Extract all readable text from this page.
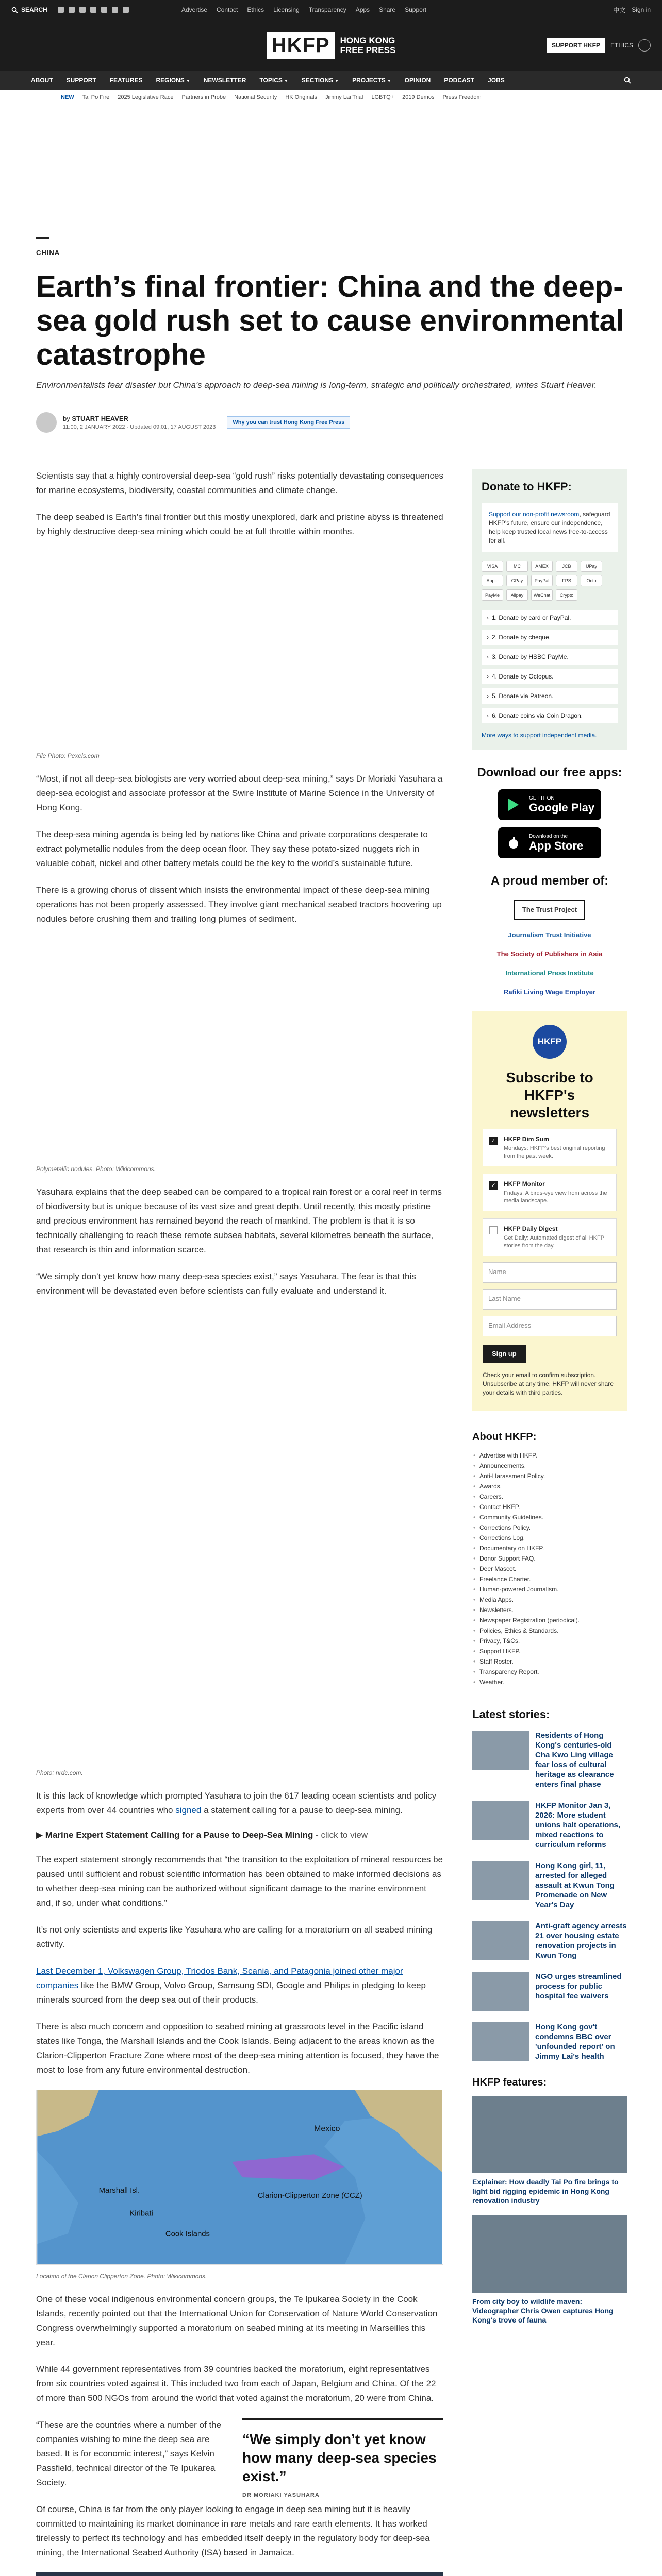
SEARCH	Advertise Contact Ethics Licensing Transparency Apps Share Support	中文 Sign in
HKFP	HONG KONG
FREE PRESS	SUPPORT HKFP	ETHICS
ABOUT SUPPORT FEATURES REGIONS ▼ NEWSLETTER TOPICS ▼ SECTIONS ▼ PROJECTS ▼ OPINION PODCAST JOBS
NEW Tai Po Fire 2025 Legislative Race Partners in Probe National Security HK Originals Jimmy Lai Trial LGBTQ+ 2019 Demos Press Freedom
CHINA
Earth’s final frontier: China and the deep-sea gold rush set to cause environmental catastrophe
Environmentalists fear disaster but China's approach to deep-sea mining is long-term, strategic and politically orchestrated, writes Stuart Heaver.
by STUART HEAVER
11:00, 2 JANUARY 2022 · Updated 09:01, 17 AUGUST 2023
Why you can trust Hong Kong Free Press

Scientists say that a highly controversial deep-sea “gold rush” risks potentially devastating consequences for marine ecosystems, biodiversity, coastal communities and climate change.

The deep seabed is Earth’s final frontier but this mostly unexplored, dark and pristine abyss is threatened by highly destructive deep-sea mining which could be at full throttle within months.

File Photo: Pexels.com

“Most, if not all deep-sea biologists are very worried about deep-sea mining,” says Dr Moriaki Yasuhara a deep-sea ecologist and associate professor at the Swire Institute of Marine Science in the University of Hong Kong.

The deep-sea mining agenda is being led by nations like China and private corporations desperate to extract polymetallic nodules from the deep ocean floor. They say these potato-sized nuggets rich in valuable cobalt, nickel and other battery metals could be the key to the world’s sustainable future.

There is a growing chorus of dissent which insists the environmental impact of these deep-sea mining operations has not been properly assessed. They involve giant mechanical seabed tractors hoovering up nodules before crushing them and trailing long plumes of sediment.

Polymetallic nodules. Photo: Wikicommons.

Yasuhara explains that the deep seabed can be compared to a tropical rain forest or a coral reef in terms of biodiversity but is unique because of its vast size and great depth. Until recently, this mostly pristine and precious environment has remained beyond the reach of mankind. The problem is that it is so technically challenging to reach these remote subsea habitats, several kilometres beneath the surface, that research is thin and information scarce.

“We simply don’t yet know how many deep-sea species exist,” says Yasuhara. The fear is that this environment will be devastated even before scientists can fully evaluate and understand it.

Photo: nrdc.com.

It is this lack of knowledge which prompted Yasuhara to join the 617 leading ocean scientists and policy experts from over 44 countries who signed a statement calling for a pause to deep-sea mining.

▶ Marine Expert Statement Calling for a Pause to Deep-Sea Mining - click to view

The expert statement strongly recommends that “the transition to the exploitation of mineral resources be paused until sufficient and robust scientific information has been obtained to make informed decisions as to whether deep-sea mining can be authorized without significant damage to the marine environment and, if so, under what conditions.”

It’s not only scientists and experts like Yasuhara who are calling for a moratorium on all seabed mining activity.

Last December 1, Volkswagen Group, Triodos Bank, Scania, and Patagonia joined other major companies like the BMW Group, Volvo Group, Samsung SDI, Google and Philips in pledging to keep minerals sourced from the deep sea out of their products.

There is also much concern and opposition to seabed mining at grassroots level in the Pacific island states like Tonga, the Marshall Islands and the Cook Islands. Being adjacent to the areas known as the Clarion-Clipperton Fracture Zone where most of the deep-sea mining attention is focused, they have the most to lose from any future environmental destruction.

Mexico
Marshall Isl.
Kiribati
Cook Islands
Clarion-Clipperton Zone (CCZ)
Location of the Clarion Clipperton Zone. Photo: Wikicommons.

One of these vocal indigenous environmental concern groups, the Te Ipukarea Society in the Cook Islands, recently pointed out that the International Union for Conservation of Nature World Conservation Congress overwhelmingly supported a moratorium on seabed mining at its meeting in Marseilles this year.

While 44 government representatives from 39 countries backed the moratorium, eight representatives from six countries voted against it. This included two from each of Japan, Belgium and China. Of the 22 of more than 500 NGOs from around the world that voted against the moratorium, 20 were from China.

“These are the countries where a number of the companies wishing to mine the deep sea are based. It is for economic interest,” says Kelvin Passfield, technical director of the Te Ipukarea Society.

“We simply don’t yet know how many deep-sea species exist.”
DR MORIAKI YASUHARA

Of course, China is far from the only player looking to engage in deep sea mining but it is heavily committed to maintaining its market dominance in rare metals and rare earth elements. It has worked tirelessly to perfect its technology and has embedded itself deeply in the regulatory body for deep-sea mining, the International Seabed Authority (ISA) based in Jamaica.

Donate to HKFP:
Support our non-profit newsroom, safeguard HKFP's future, ensure our independence, help keep trusted local news free-to-access for all.
VISA	MC	AMEX	JCB	UPay
Apple	GPay	PayPal	FPS	Octo
PayMe	Alipay	WeChat	Crypto
› 1. Donate by card or PayPal.
› 2. Donate by cheque.
› 3. Donate by HSBC PayMe.
› 4. Donate by Octopus.
› 5. Donate via Patreon.
› 6. Donate coins via Coin Dragon.
More ways to support independent media.
Download our free apps:
GET IT ON
Google Play
Download on the
App Store
A proud member of:
The Trust Project
Journalism Trust Initiative
The Society of Publishers in Asia
International Press Institute
Rafiki Living Wage Employer
HKFP
Subscribe to HKFP's newsletters
✓ HKFP Dim Sum
Mondays: HKFP's best original reporting from the past week.
✓ HKFP Monitor
Fridays: A birds-eye view from across the media landscape.
HKFP Daily Digest
Get Daily: Automated digest of all HKFP stories from the day.
Name
Last Name
Email Address
Sign up
Check your email to confirm subscription. Unsubscribe at any time. HKFP will never share your details with third parties.
About HKFP:
• Advertise with HKFP.
• Announcements.
• Anti-Harassment Policy.
• Awards.
• Careers.
• Contact HKFP.
• Community Guidelines.
• Corrections Policy.
• Corrections Log.
• Documentary on HKFP.
• Donor Support FAQ.
• Deer Mascot.
• Freelance Charter.
• Human-powered Journalism.
• Media Apps.
• Newsletters.
• Newspaper Registration (periodical).
• Policies, Ethics & Standards.
• Privacy, T&Cs.
• Support HKFP.
• Staff Roster.
• Transparency Report.
• Weather.
Latest stories:
Residents of Hong Kong's centuries-old Cha Kwo Ling village fear loss of cultural heritage as clearance enters final phase
HKFP Monitor Jan 3, 2026: More student unions halt operations, mixed reactions to curriculum reforms
Hong Kong girl, 11, arrested for alleged assault at Kwun Tong Promenade on New Year's Day
Anti-graft agency arrests 21 over housing estate renovation projects in Kwun Tong
NGO urges streamlined process for public hospital fee waivers
Hong Kong gov't condemns BBC over 'unfounded report' on Jimmy Lai's health
HKFP features:
Explainer: How deadly Tai Po fire brings to light bid rigging epidemic in Hong Kong renovation industry
From city boy to wildlife maven: Videographer Chris Owen captures Hong Kong's trove of fauna
